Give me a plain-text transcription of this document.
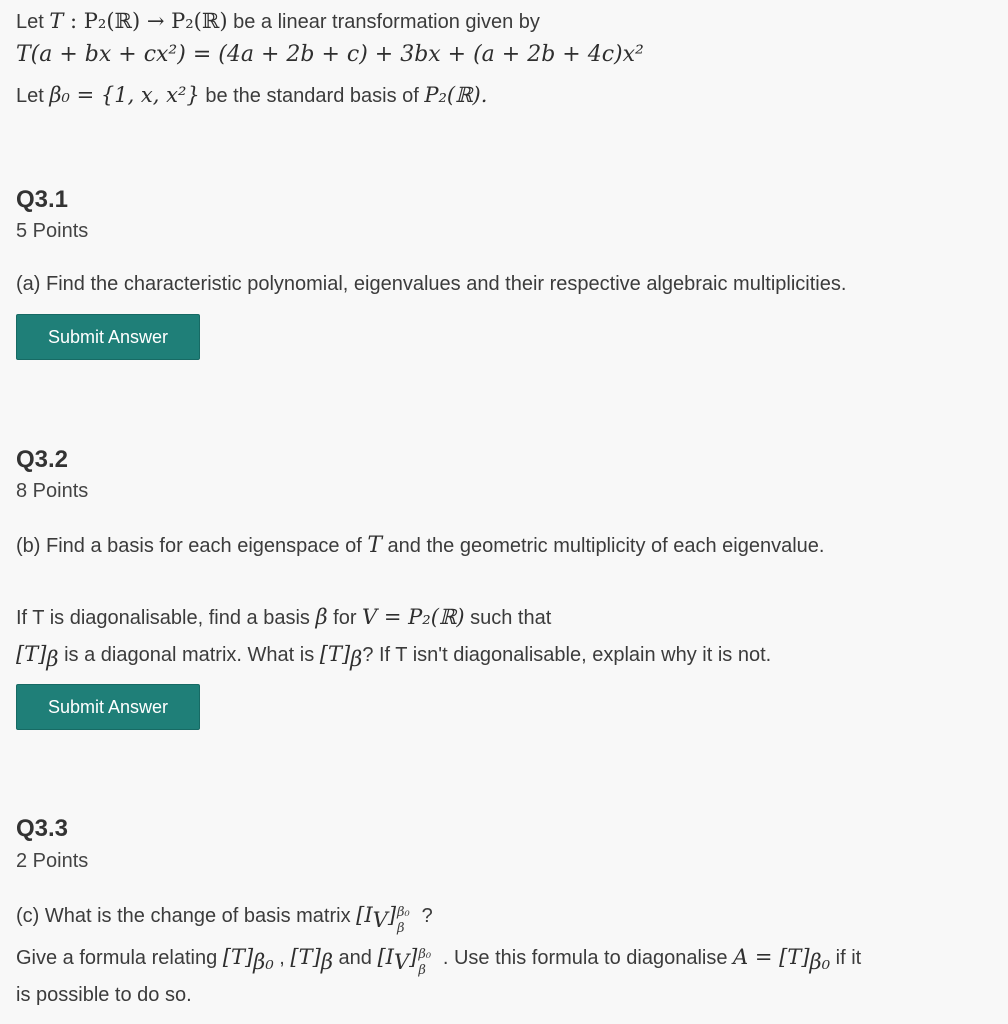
Let T : P₂(ℝ) → P₂(ℝ) be a linear transformation given by
T(a + bx + cx²) = (4a + 2b + c) + 3bx + (a + 2b + 4c)x²
Let β₀ = {1, x, x²} be the standard basis of P₂(ℝ).
Q3.1
5 Points
(a) Find the characteristic polynomial, eigenvalues and their respective algebraic multiplicities.
Submit Answer
Q3.2
8 Points
(b) Find a basis for each eigenspace of T and the geometric multiplicity of each eigenvalue.
If T is diagonalisable, find a basis β for V = P₂(ℝ) such that
$[T]_\beta$ is a diagonal matrix. What is $[T]_\beta$? If T isn't diagonalisable, explain why it is not.
Submit Answer
Q3.3
2 Points
(c) What is the change of basis matrix $[I_V]$ β₀
β
?
Give a formula relating $[T]_{\beta_0}$ , $[T]_\beta$ and $[I_V]$ β₀
β
. Use this formula to diagonalise $A = [T]_{\beta_0}$ if it
is possible to do so.
